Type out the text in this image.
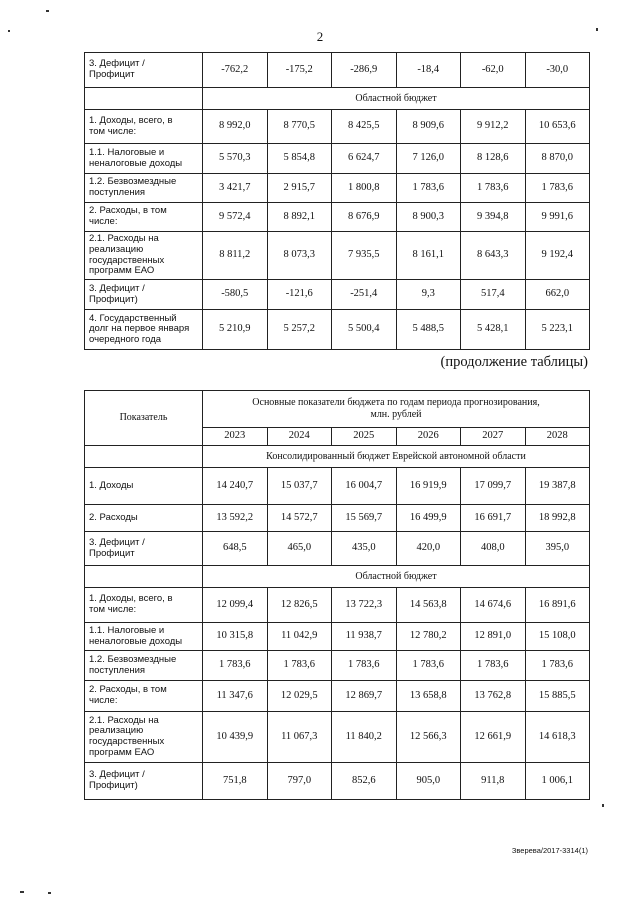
2
3. Дефицит /
Профицит	-762,2	-175,2	-286,9	-18,4	-62,0	-30,0
	Областной бюджет					
1. Доходы, всего, в
том числе:	8 992,0	8 770,5	8 425,5	8 909,6	9 912,2	10 653,6
1.1. Налоговые и
неналоговые доходы	5 570,3	5 854,8	6 624,7	7 126,0	8 128,6	8 870,0
1.2. Безвозмездные
поступления	3 421,7	2 915,7	1 800,8	1 783,6	1 783,6	1 783,6
2. Расходы, в том
числе:	9 572,4	8 892,1	8 676,9	8 900,3	9 394,8	9 991,6
2.1. Расходы на
реализацию
государственных
программ ЕАО	8 811,2	8 073,3	7 935,5	8 161,1	8 643,3	9 192,4
3. Дефицит /
Профицит)	-580,5	-121,6	-251,4	9,3	517,4	662,0
4. Государственный
долг на первое января
очередного года	5 210,9	5 257,2	5 500,4	5 488,5	5 428,1	5 223,1
(продолжение таблицы)
Показатель	Основные показатели бюджета по годам периода прогнозирования,
млн. рублей					
	2023	2024	2025	2026	2027	2028
	Консолидированный бюджет Еврейской автономной области					
1. Доходы	14 240,7	15 037,7	16 004,7	16 919,9	17 099,7	19 387,8
2. Расходы	13 592,2	14 572,7	15 569,7	16 499,9	16 691,7	18 992,8
3. Дефицит /
Профицит	648,5	465,0	435,0	420,0	408,0	395,0
	Областной бюджет					
1. Доходы, всего, в
том числе:	12 099,4	12 826,5	13 722,3	14 563,8	14 674,6	16 891,6
1.1. Налоговые и
неналоговые доходы	10 315,8	11 042,9	11 938,7	12 780,2	12 891,0	15 108,0
1.2. Безвозмездные
поступления	1 783,6	1 783,6	1 783,6	1 783,6	1 783,6	1 783,6
2. Расходы, в том
числе:	11 347,6	12 029,5	12 869,7	13 658,8	13 762,8	15 885,5
2.1. Расходы на
реализацию
государственных
программ ЕАО	10 439,9	11 067,3	11 840,2	12 566,3	12 661,9	14 618,3
3. Дефицит /
Профицит)	751,8	797,0	852,6	905,0	911,8	1 006,1
Зверева/2017-3314(1)
